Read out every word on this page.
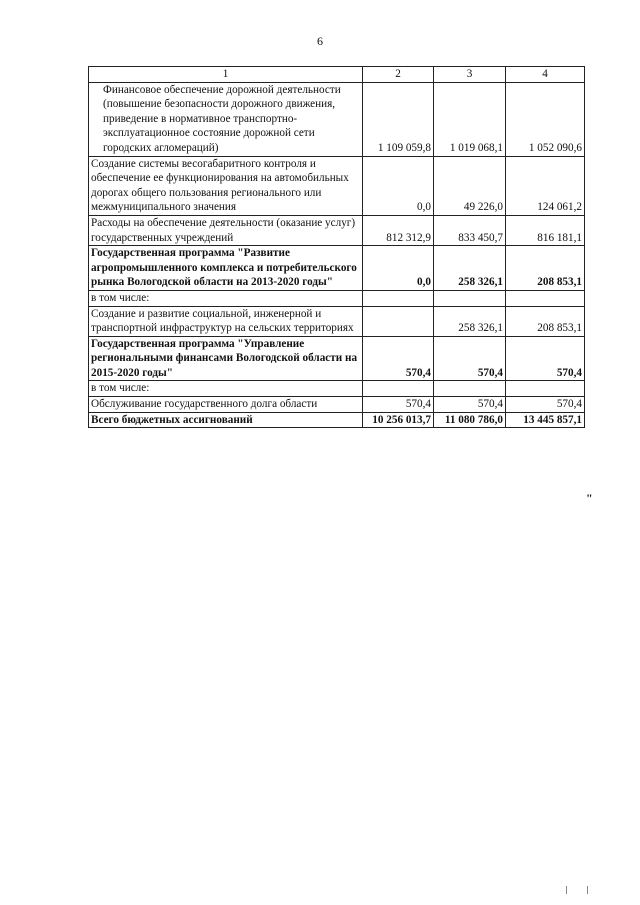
6
1	2	3	4
Финансовое обеспечение дорожной деятельности (повышение безопасности дорожного движения, приведение в нормативное транспортно-эксплуатационное состояние дорожной сети городских агломераций)	1 109 059,8	1 019 068,1	1 052 090,6
Создание системы весогабаритного контроля и обеспечение ее функционирования на автомобильных дорогах общего пользования регионального или межмуниципального значения	0,0	49 226,0	124 061,2
Расходы на обеспечение деятельности (оказание услуг) государственных учреждений	812 312,9	833 450,7	816 181,1
Государственная программа "Развитие агропромышленного комплекса и потребительского рынка Вологодской области на 2013-2020 годы"	0,0	258 326,1	208 853,1
в том числе:			
Создание и развитие социальной, инженерной и транспортной инфраструктур на сельских территориях		258 326,1	208 853,1
Государственная программа "Управление региональными финансами Вологодской области на 2015-2020 годы"	570,4	570,4	570,4
в том числе:			
Обслуживание государственного долга области	570,4	570,4	570,4
Всего бюджетных ассигнований	10 256 013,7	11 080 786,0	13 445 857,1
"
